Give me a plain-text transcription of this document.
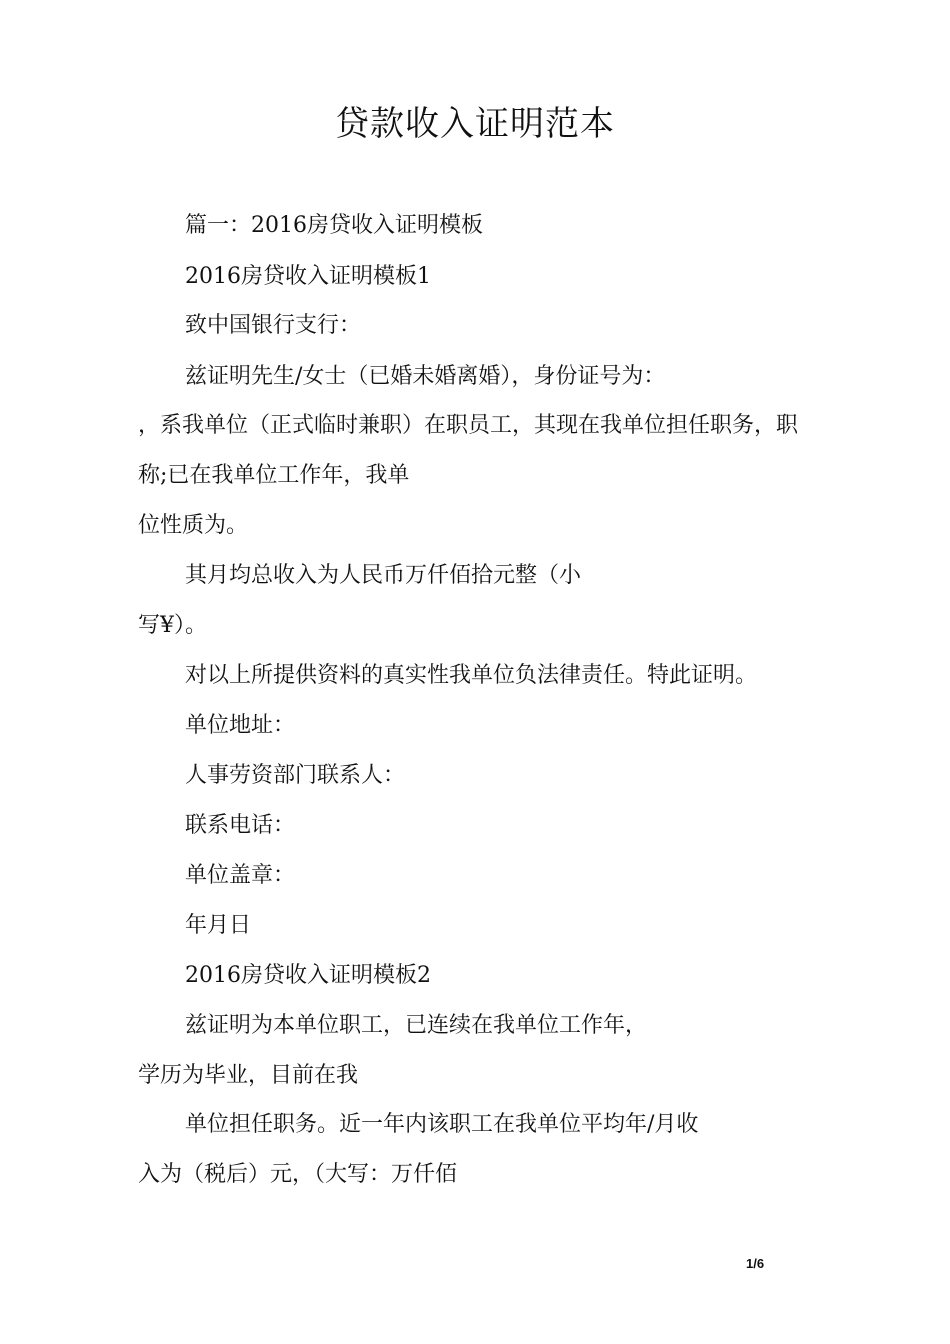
贷款收入证明范本

篇一：2016房贷收入证明模板

2016房贷收入证明模板1

致中国银行支行：

兹证明先生/女士（已婚未婚离婚），身份证号为：

，系我单位（正式临时兼职）在职员工，其现在我单位担任职务，职

称;已在我单位工作年，我单

位性质为。

其月均总收入为人民币万仟佰拾元整（小

写¥）。

对以上所提供资料的真实性我单位负法律责任。特此证明。

单位地址：

人事劳资部门联系人：

联系电话：

单位盖章：

年月日

2016房贷收入证明模板2

兹证明为本单位职工，已连续在我单位工作年，

学历为毕业，目前在我

单位担任职务。近一年内该职工在我单位平均年/月收

入为（税后）元，（大写：万仟佰

1/6
